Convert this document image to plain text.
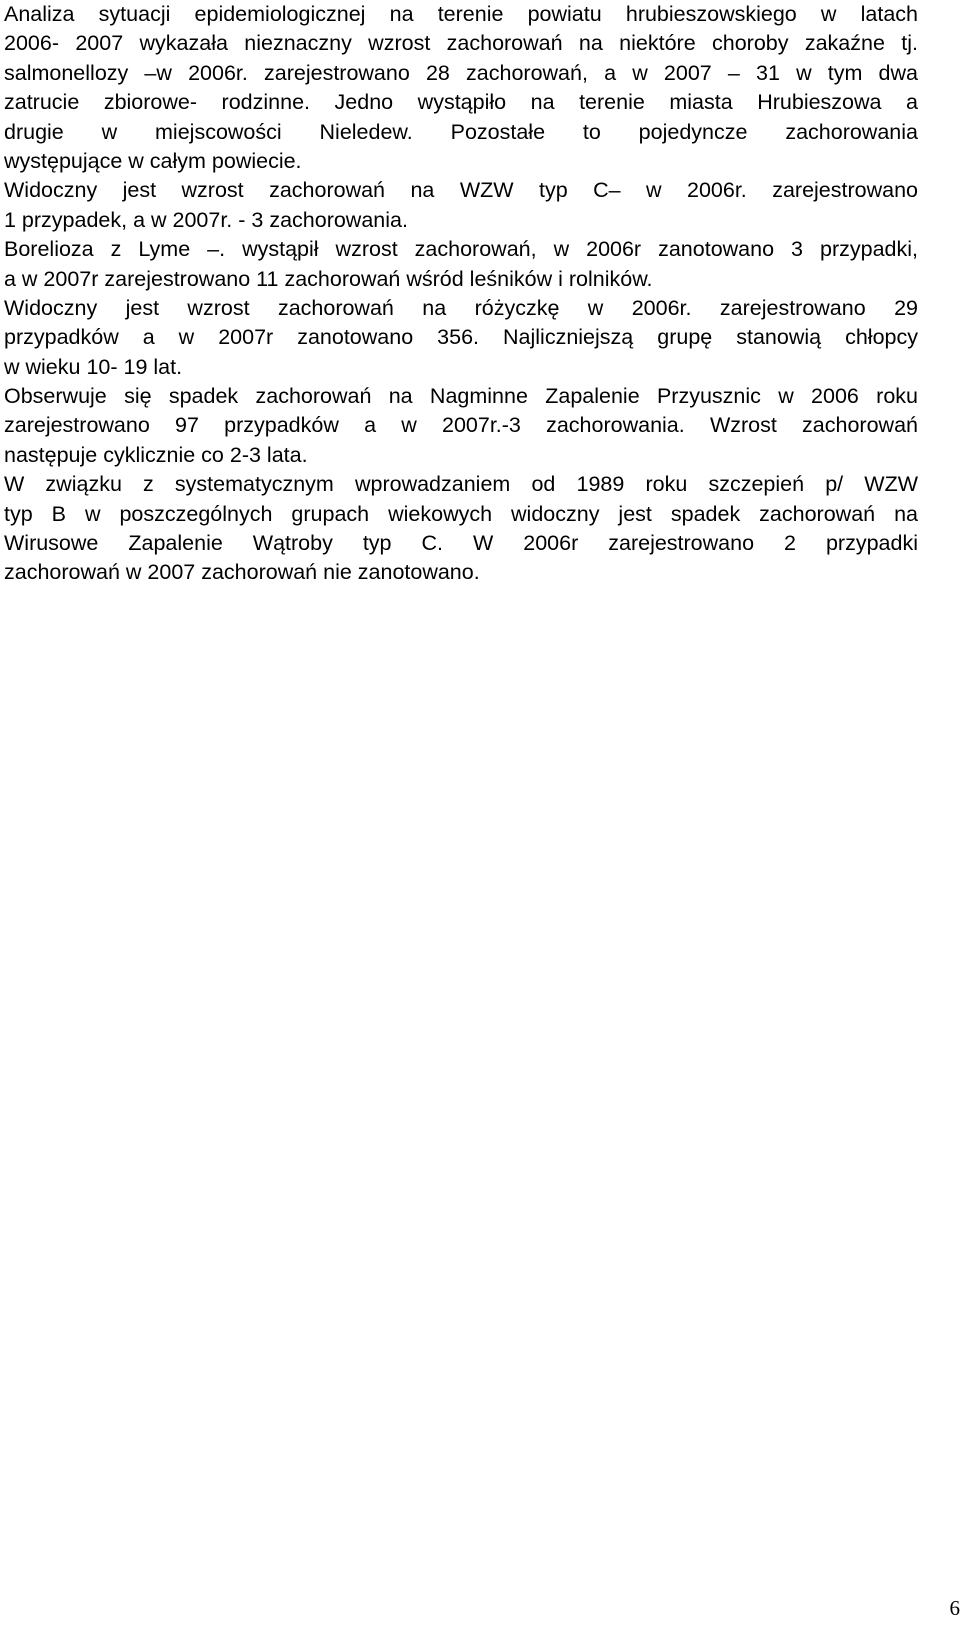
Analiza sytuacji epidemiologicznej na terenie powiatu hrubieszowskiego w latach
2006- 2007 wykazała nieznaczny wzrost zachorowań na niektóre choroby zakaźne tj.
salmonellozy –w 2006r. zarejestrowano 28 zachorowań, a w 2007 – 31 w tym dwa
zatrucie zbiorowe- rodzinne. Jedno wystąpiło na terenie miasta Hrubieszowa a
drugie w miejscowości Nieledew. Pozostałe to pojedyncze zachorowania
występujące w całym powiecie.
Widoczny jest wzrost zachorowań na WZW typ C– w 2006r. zarejestrowano
1 przypadek, a w 2007r. - 3 zachorowania.
Borelioza z Lyme –. wystąpił wzrost zachorowań, w 2006r zanotowano 3 przypadki,
a w 2007r zarejestrowano 11 zachorowań wśród leśników i rolników.
Widoczny jest wzrost zachorowań na różyczkę w 2006r. zarejestrowano 29
przypadków a w 2007r zanotowano 356. Najliczniejszą grupę stanowią chłopcy
w wieku 10- 19 lat.
Obserwuje się spadek zachorowań na Nagminne Zapalenie Przyusznic w 2006 roku
zarejestrowano 97 przypadków a w 2007r.-3 zachorowania. Wzrost zachorowań
następuje cyklicznie co 2-3 lata.
W związku z systematycznym wprowadzaniem od 1989 roku szczepień p/ WZW
typ B w poszczególnych grupach wiekowych widoczny jest spadek zachorowań na
Wirusowe Zapalenie Wątroby typ C. W 2006r zarejestrowano 2 przypadki
zachorowań w 2007 zachorowań nie zanotowano.
6
